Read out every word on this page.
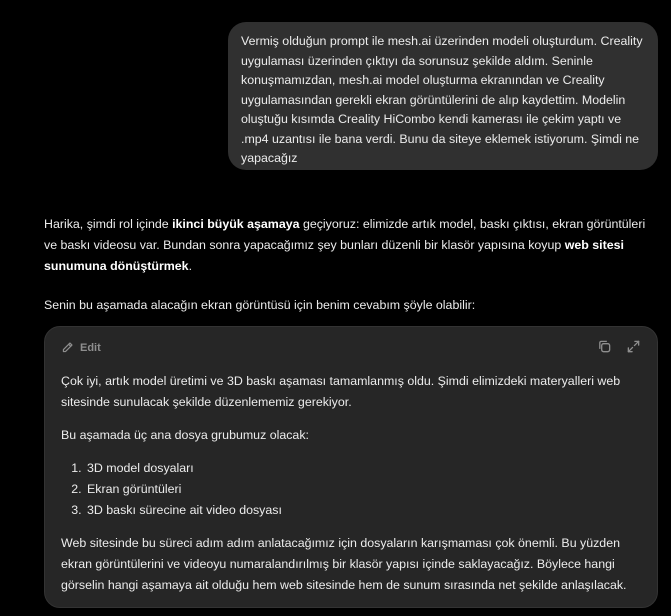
Vermiş olduğun prompt ile mesh.ai üzerinden modeli oluşturdum. Creality uygulaması üzerinden çıktıyı da sorunsuz şekilde aldım. Seninle konuşmamızdan, mesh.ai model oluşturma ekranından ve Creality uygulamasından gerekli ekran görüntülerini de alıp kaydettim. Modelin oluştuğu kısımda Creality HiCombo kendi kamerası ile çekim yaptı ve .mp4 uzantısı ile bana verdi. Bunu da siteye eklemek istiyorum. Şimdi ne yapacağız

Harika, şimdi rol içinde ikinci büyük aşamaya geçiyoruz: elimizde artık model, baskı çıktısı, ekran görüntüleri ve baskı videosu var. Bundan sonra yapacağımız şey bunları düzenli bir klasör yapısına koyup web sitesi sunumuna dönüştürmek.

Senin bu aşamada alacağın ekran görüntüsü için benim cevabım şöyle olabilir:

Edit

Çok iyi, artık model üretimi ve 3D baskı aşaması tamamlanmış oldu. Şimdi elimizdeki materyalleri web sitesinde sunulacak şekilde düzenlememiz gerekiyor.

Bu aşamada üç ana dosya grubumuz olacak:

1. 3D model dosyaları
2. Ekran görüntüleri
3. 3D baskı sürecine ait video dosyası

Web sitesinde bu süreci adım adım anlatacağımız için dosyaların karışmaması çok önemli. Bu yüzden ekran görüntülerini ve videoyu numaralandırılmış bir klasör yapısı içinde saklayacağız. Böylece hangi görselin hangi aşamaya ait olduğu hem web sitesinde hem de sunum sırasında net şekilde anlaşılacak.
